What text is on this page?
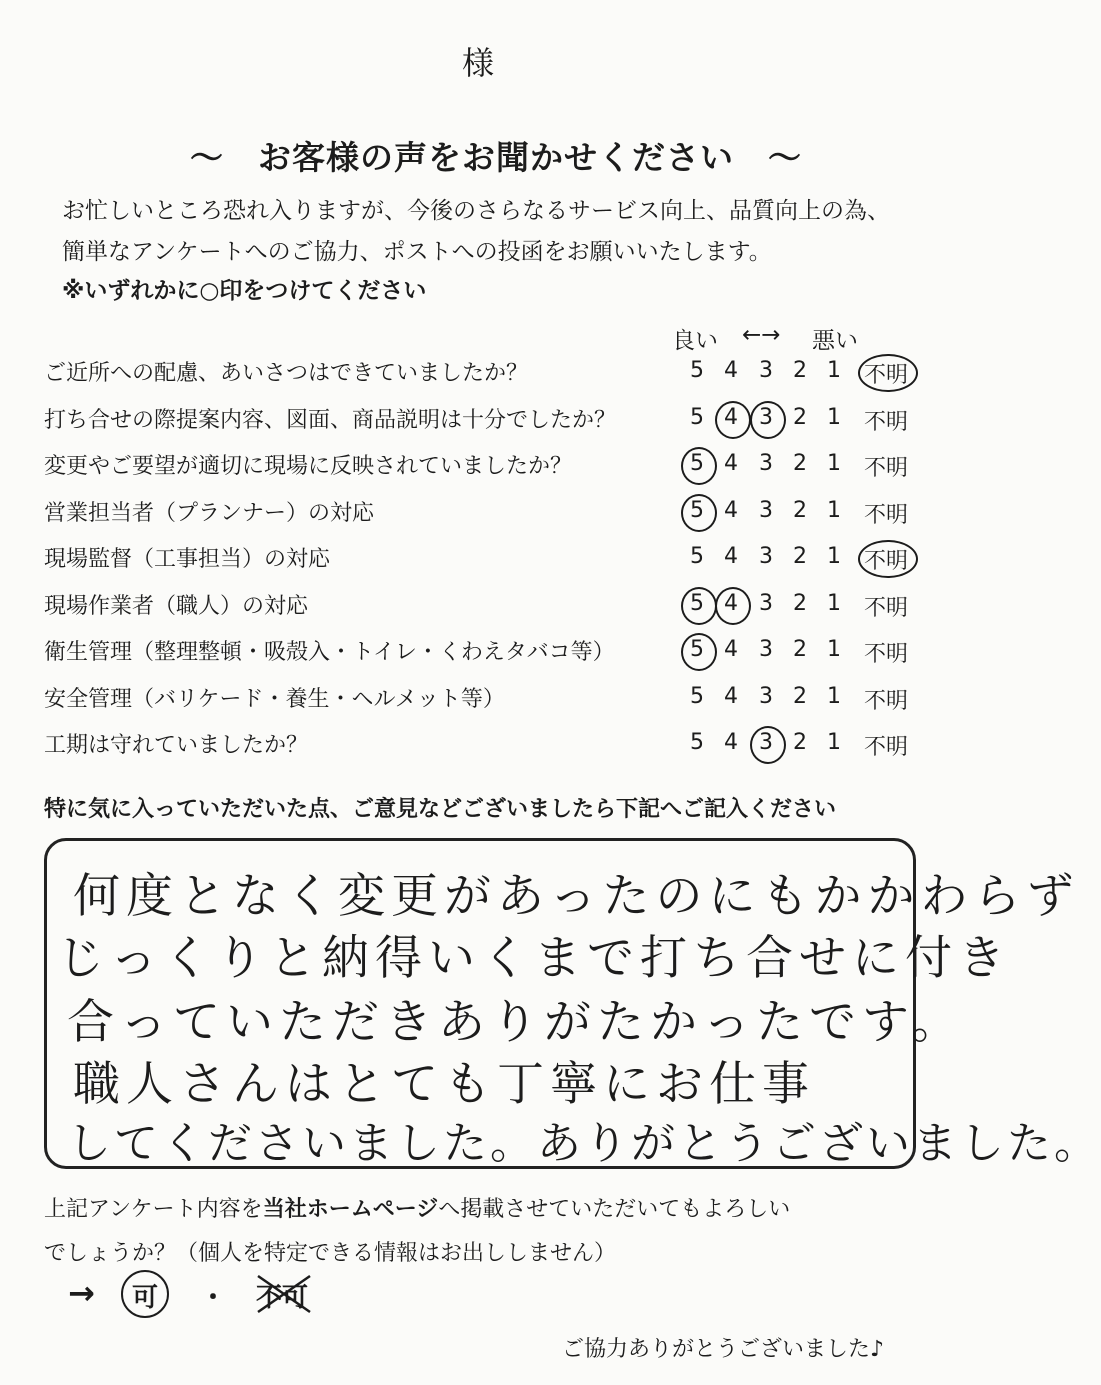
様
〜　お客様の声をお聞かせください　〜
お忙しいところ恐れ入りますが、今後のさらなるサービス向上、品質向上の為、
簡単なアンケートへのご協力、ポストへの投函をお願いいたします。
※いずれかに○印をつけてください
良い ←→ 悪い
ご近所への配慮、あいさつはできていましたか？	5 4 3 2 1	不明
打ち合せの際提案内容、図面、商品説明は十分でしたか？	5 4 3 2 1	不明
変更やご要望が適切に現場に反映されていましたか？	5 4 3 2 1	不明
営業担当者（プランナー）の対応	5 4 3 2 1	不明
現場監督（工事担当）の対応	5 4 3 2 1	不明
現場作業者（職人）の対応	5 4 3 2 1	不明
衛生管理（整理整頓・吸殻入・トイレ・くわえタバコ等）	5 4 3 2 1	不明
安全管理（バリケード・養生・ヘルメット等）	5 4 3 2 1	不明
工期は守れていましたか？	5 4 3 2 1	不明
特に気に入っていただいた点、ご意見などございましたら下記へご記入ください
何度となく変更があったのにもかかわらず
じっくりと納得いくまで打ち合せに付き
合っていただきありがたかったです。
職人さんはとても丁寧にお仕事
してくださいました。ありがとうございました。
上記アンケート内容を当社ホームページへ掲載させていただいてもよろしい
でしょうか？（個人を特定できる情報はお出ししません）
→ 可 ・ 不可
ご協力ありがとうございました♪
